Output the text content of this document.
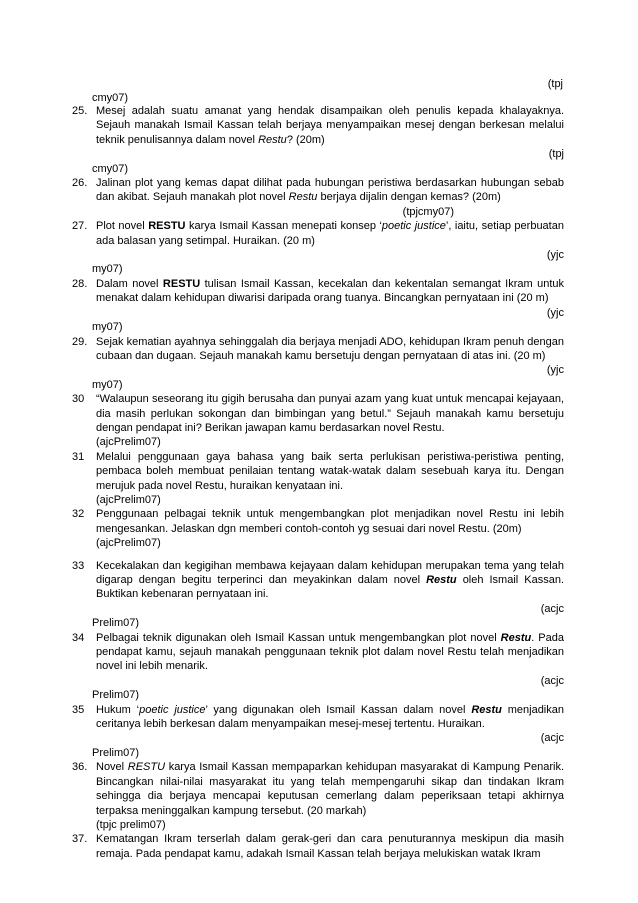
(tpj
cmy07)
25. Mesej adalah suatu amanat yang hendak disampaikan oleh penulis kepada khalayaknya. Sejauh manakah Ismail Kassan telah berjaya menyampaikan mesej dengan berkesan melalui teknik penulisannya dalam novel Restu? (20m)
(tpj
cmy07)
26. Jalinan plot yang kemas dapat dilihat pada hubungan peristiwa berdasarkan hubungan sebab dan akibat. Sejauh manakah plot novel Restu berjaya dijalin dengan kemas? (20m)
(tpjcmy07)
27. Plot novel RESTU karya Ismail Kassan menepati konsep ‘poetic justice’, iaitu, setiap perbuatan ada balasan yang setimpal. Huraikan. (20 m)
(yjc
my07)
28. Dalam novel RESTU tulisan Ismail Kassan, kecekalan dan kekentalan semangat Ikram untuk menakat dalam kehidupan diwarisi daripada orang tuanya. Bincangkan pernyataan ini (20 m)
(yjc
my07)
29. Sejak kematian ayahnya sehinggalah dia berjaya menjadi ADO, kehidupan Ikram penuh dengan cubaan dan dugaan. Sejauh manakah kamu bersetuju dengan pernyataan di atas ini. (20 m)
(yjc
my07)
30 “Walaupun seseorang itu gigih berusaha dan punyai azam yang kuat untuk mencapai kejayaan, dia masih perlukan sokongan dan bimbingan yang betul.” Sejauh manakah kamu bersetuju dengan pendapat ini? Berikan jawapan kamu berdasarkan novel Restu.
(ajcPrelim07)
31 Melalui penggunaan gaya bahasa yang baik serta perlukisan peristiwa-peristiwa penting, pembaca boleh membuat penilaian tentang watak-watak dalam sesebuah karya itu. Dengan merujuk pada novel Restu, huraikan kenyataan ini.
(ajcPrelim07)
32 Penggunaan pelbagai teknik untuk mengembangkan plot menjadikan novel Restu ini lebih mengesankan. Jelaskan dgn memberi contoh-contoh yg sesuai dari novel Restu. (20m)
(ajcPrelim07)
33 Kecekalakan dan kegigihan membawa kejayaan dalam kehidupan merupakan tema yang telah digarap dengan begitu terperinci dan meyakinkan dalam novel Restu oleh Ismail Kassan. Buktikan kebenaran pernyataan ini.
(acjc
Prelim07)
34 Pelbagai teknik digunakan oleh Ismail Kassan untuk mengembangkan plot novel Restu. Pada pendapat kamu, sejauh manakah penggunaan teknik plot dalam novel Restu telah menjadikan novel ini lebih menarik.
(acjc
Prelim07)
35 Hukum ‘poetic justice’ yang digunakan oleh Ismail Kassan dalam novel Restu menjadikan ceritanya lebih berkesan dalam menyampaikan mesej-mesej tertentu. Huraikan.
(acjc
Prelim07)
36. Novel RESTU karya Ismail Kassan mempaparkan kehidupan masyarakat di Kampung Penarik. Bincangkan nilai-nilai masyarakat itu yang telah mempengaruhi sikap dan tindakan Ikram sehingga dia berjaya mencapai keputusan cemerlang dalam peperiksaan tetapi akhirnya terpaksa meninggalkan kampung tersebut. (20 markah)
(tpjc prelim07)
37. Kematangan Ikram terserlah dalam gerak-geri dan cara penuturannya meskipun dia masih remaja. Pada pendapat kamu, adakah Ismail Kassan telah berjaya melukiskan watak Ikram
